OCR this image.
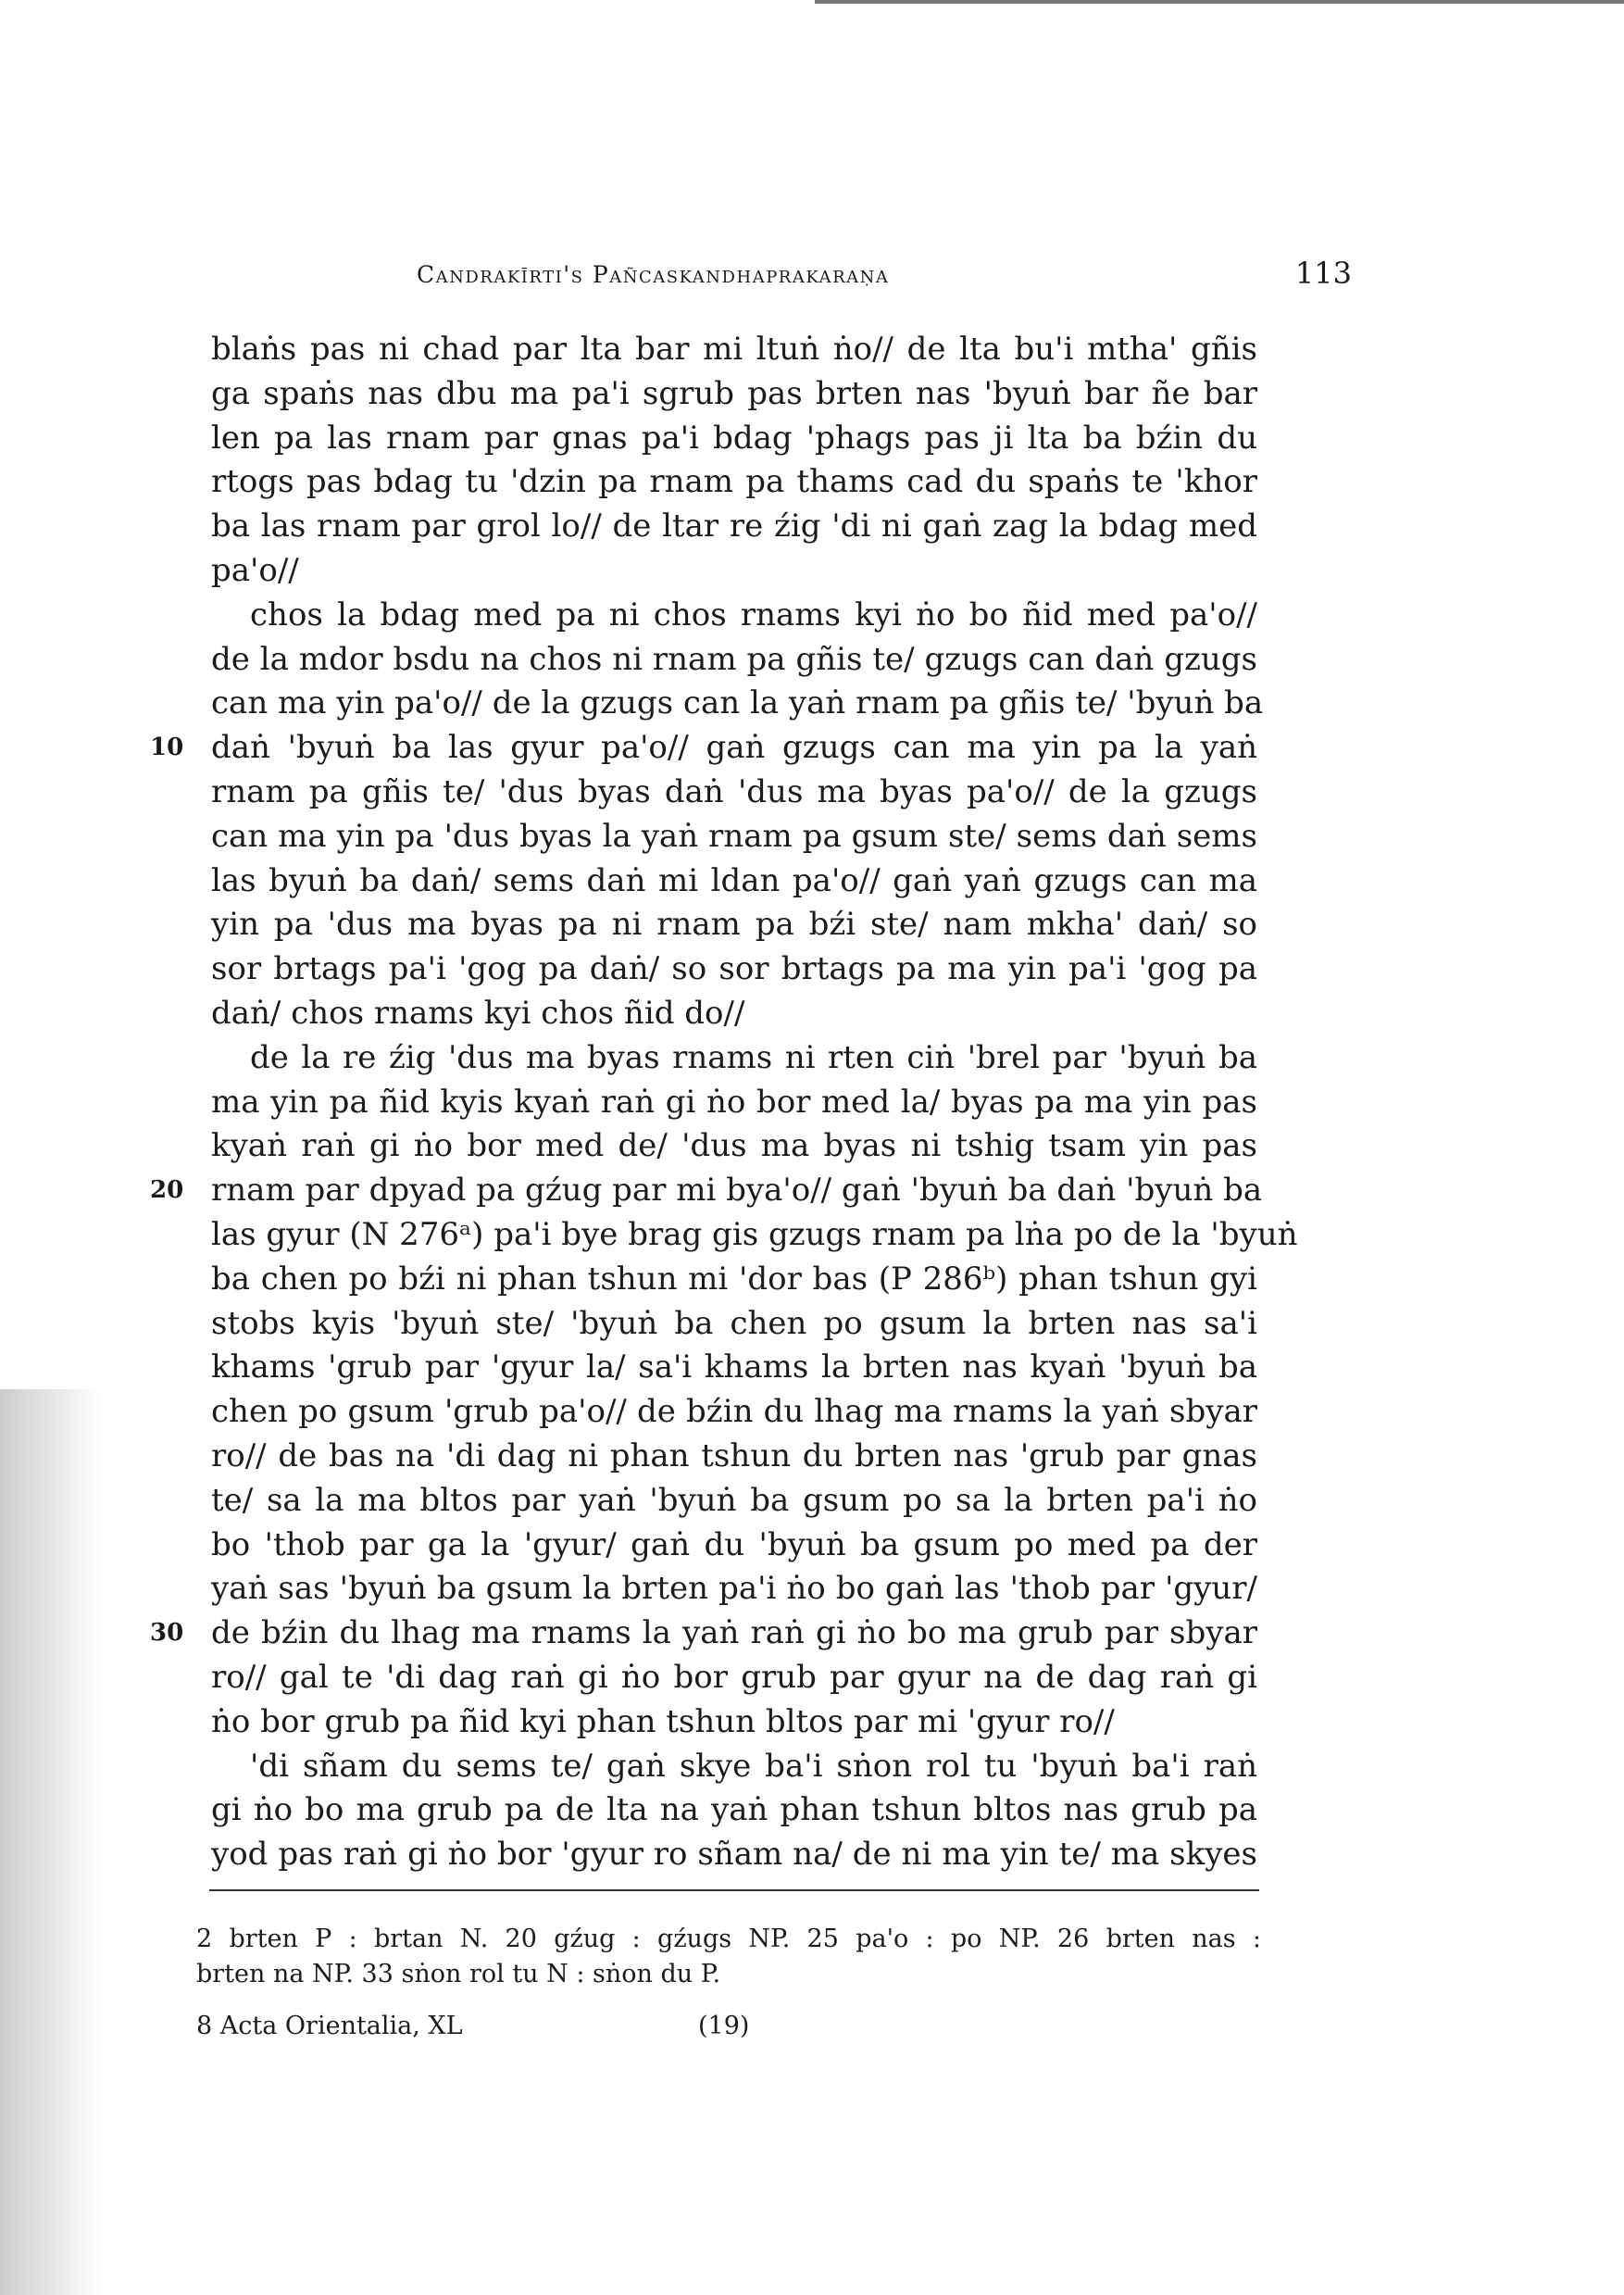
Candrakīrti's Pañcaskandhaprakaraṇa	113
blaṅs pas ni chad par lta bar mi ltuṅ ṅo// de lta bu'i mtha' gñis
ga spaṅs nas dbu ma pa'i sgrub pas brten nas 'byuṅ bar ñe bar
len pa las rnam par gnas pa'i bdag 'phags pas ji lta ba bźin du
rtogs pas bdag tu 'dzin pa rnam pa thams cad du spaṅs te 'khor
ba las rnam par grol lo// de ltar re źig 'di ni gaṅ zag la bdag med
pa'o//
chos la bdag med pa ni chos rnams kyi ṅo bo ñid med pa'o//
de la mdor bsdu na chos ni rnam pa gñis te/ gzugs can daṅ gzugs
can ma yin pa'o// de la gzugs can la yaṅ rnam pa gñis te/ 'byuṅ ba
10 daṅ 'byuṅ ba las gyur pa'o// gaṅ gzugs can ma yin pa la yaṅ
rnam pa gñis te/ 'dus byas daṅ 'dus ma byas pa'o// de la gzugs
can ma yin pa 'dus byas la yaṅ rnam pa gsum ste/ sems daṅ sems
las byuṅ ba daṅ/ sems daṅ mi ldan pa'o// gaṅ yaṅ gzugs can ma
yin pa 'dus ma byas pa ni rnam pa bźi ste/ nam mkha' daṅ/ so
sor brtags pa'i 'gog pa daṅ/ so sor brtags pa ma yin pa'i 'gog pa
daṅ/ chos rnams kyi chos ñid do//
de la re źig 'dus ma byas rnams ni rten ciṅ 'brel par 'byuṅ ba
ma yin pa ñid kyis kyaṅ raṅ gi ṅo bor med la/ byas pa ma yin pas
kyaṅ raṅ gi ṅo bor med de/ 'dus ma byas ni tshig tsam yin pas
20 rnam par dpyad pa gźug par mi bya'o// gaṅ 'byuṅ ba daṅ 'byuṅ ba
las gyur (N 276ᵃ) pa'i bye brag gis gzugs rnam pa lṅa po de la 'byuṅ
ba chen po bźi ni phan tshun mi 'dor bas (P 286ᵇ) phan tshun gyi
stobs kyis 'byuṅ ste/ 'byuṅ ba chen po gsum la brten nas sa'i
khams 'grub par 'gyur la/ sa'i khams la brten nas kyaṅ 'byuṅ ba
chen po gsum 'grub pa'o// de bźin du lhag ma rnams la yaṅ sbyar
ro// de bas na 'di dag ni phan tshun du brten nas 'grub par gnas
te/ sa la ma bltos par yaṅ 'byuṅ ba gsum po sa la brten pa'i ṅo
bo 'thob par ga la 'gyur/ gaṅ du 'byuṅ ba gsum po med pa der
yaṅ sas 'byuṅ ba gsum la brten pa'i ṅo bo gaṅ las 'thob par 'gyur/
30 de bźin du lhag ma rnams la yaṅ raṅ gi ṅo bo ma grub par sbyar
ro// gal te 'di dag raṅ gi ṅo bor grub par gyur na de dag raṅ gi
ṅo bor grub pa ñid kyi phan tshun bltos par mi 'gyur ro//
'di sñam du sems te/ gaṅ skye ba'i sṅon rol tu 'byuṅ ba'i raṅ
gi ṅo bo ma grub pa de lta na yaṅ phan tshun bltos nas grub pa
yod pas raṅ gi ṅo bor 'gyur ro sñam na/ de ni ma yin te/ ma skyes
2 brten P : brtan N. 20 gźug : gźugs NP. 25 pa'o : po NP. 26 brten nas :
brten na NP. 33 sṅon rol tu N : sṅon du P.
8 Acta Orientalia, XL	(19)
